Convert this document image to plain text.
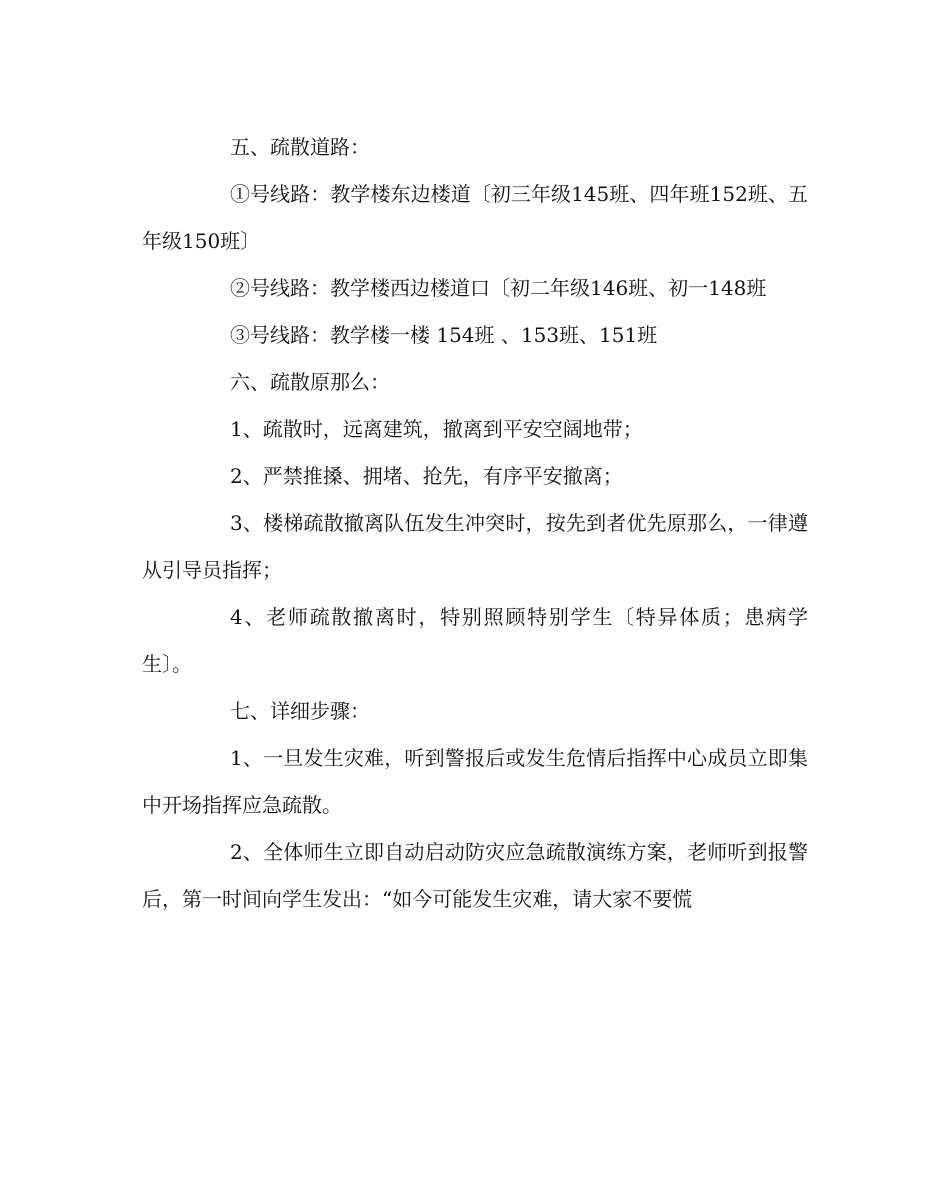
五、疏散道路：

①号线路：教学楼东边楼道〔初三年级145班、四年班152班、五年级150班〕

②号线路：教学楼西边楼道口〔初二年级146班、初一148班

③号线路：教学楼一楼 154班 、153班、151班

六、疏散原那么：

1、疏散时，远离建筑，撤离到平安空阔地带；

2、严禁推搡、拥堵、抢先，有序平安撤离；

3、楼梯疏散撤离队伍发生冲突时，按先到者优先原那么，一律遵从引导员指挥；

4、老师疏散撤离时，特别照顾特别学生〔特异体质；患病学生〕。

七、详细步骤：

1、一旦发生灾难，听到警报后或发生危情后指挥中心成员立即集中开场指挥应急疏散。

2、全体师生立即自动启动防灾应急疏散演练方案，老师听到报警后，第一时间向学生发出：“如今可能发生灾难，请大家不要慌
